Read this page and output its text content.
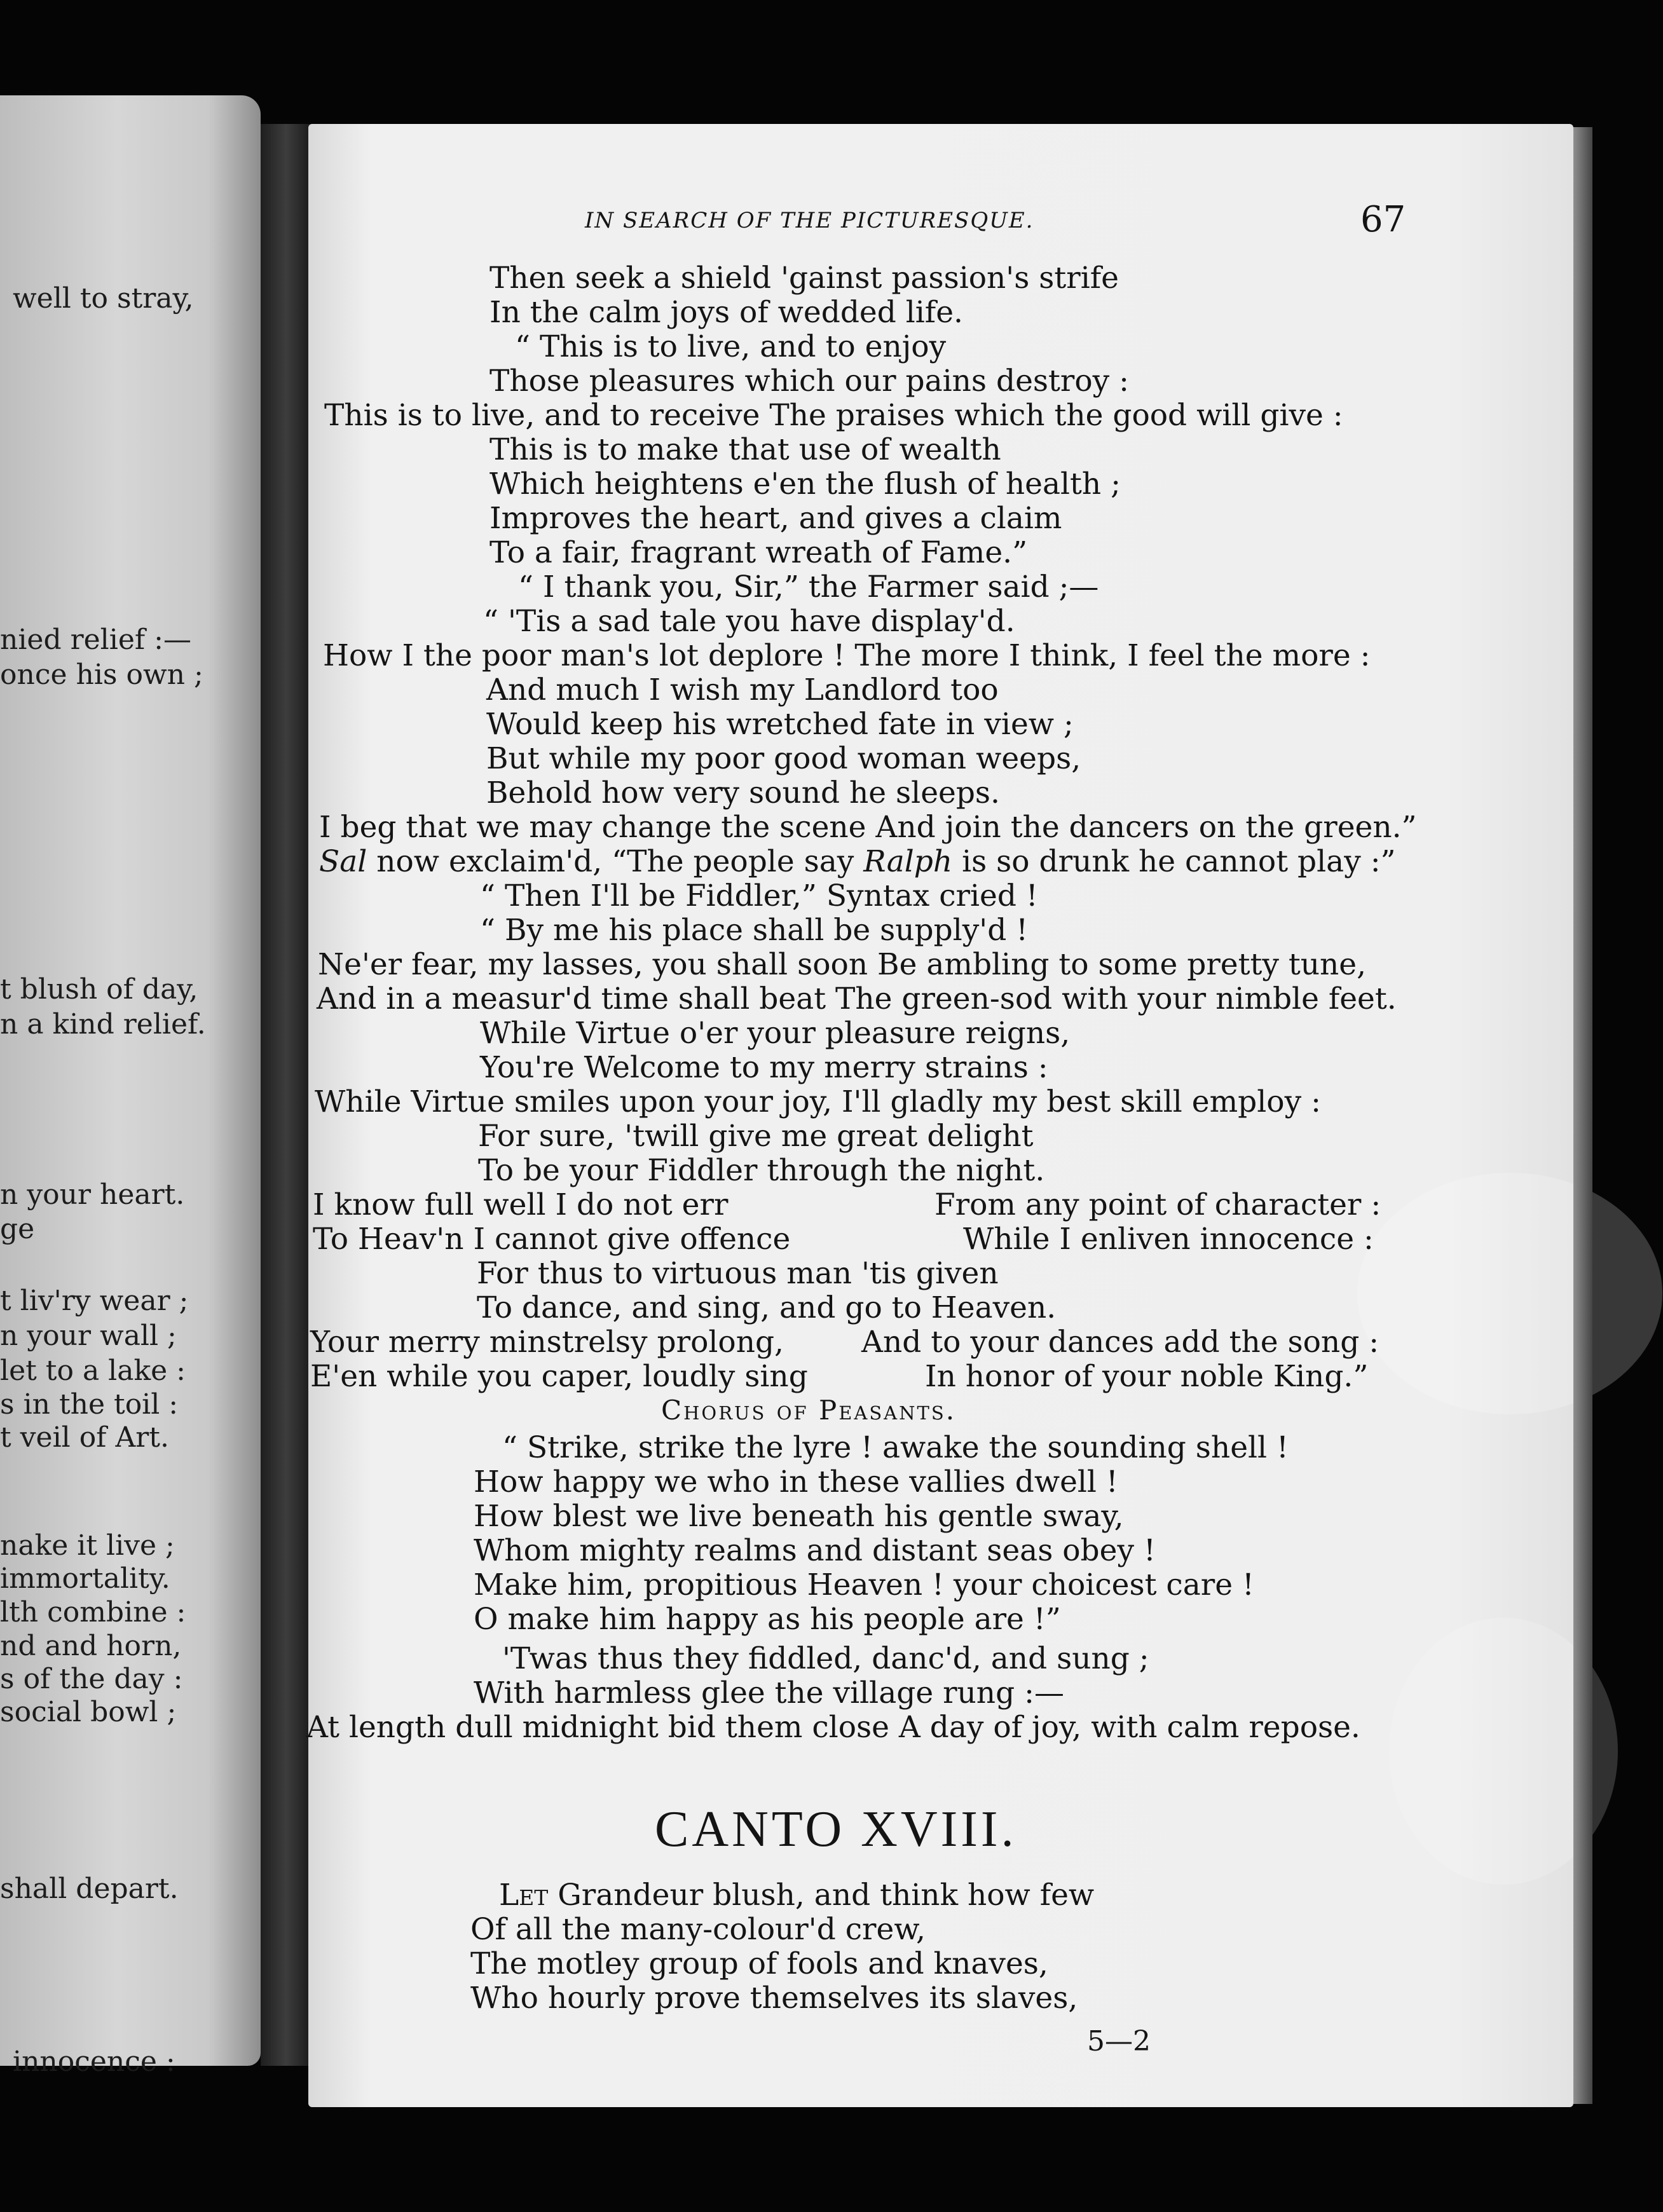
well to stray,
nied relief :—
once his own ;
t blush of day,
n a kind relief.
n your heart.
ge
t liv'ry wear ;
n your wall ;
let to a lake :
s in the toil :
t veil of Art.
nake it live ;
immortality.
lth combine :
nd and horn,
s of the day :
social bowl ;
shall depart.
innocence :
IN SEARCH OF THE PICTURESQUE.	67
Then seek a shield 'gainst passion's strife
In the calm joys of wedded life.
“ This is to live, and to enjoy
Those pleasures which our pains destroy :
This is to live, and to receive The praises which the good will give :
This is to make that use of wealth
Which heightens e'en the flush of health ;
Improves the heart, and gives a claim
To a fair, fragrant wreath of Fame.”
“ I thank you, Sir,” the Farmer said ;—
“ 'Tis a sad tale you have display'd.
How I the poor man's lot deplore ! The more I think, I feel the more :
And much I wish my Landlord too
Would keep his wretched fate in view ;
But while my poor good woman weeps,
Behold how very sound he sleeps.
I beg that we may change the scene And join the dancers on the green.”
Sal now exclaim'd, “The people say Ralph is so drunk he cannot play :”
“ Then I'll be Fiddler,” Syntax cried !
“ By me his place shall be supply'd !
Ne'er fear, my lasses, you shall soon Be ambling to some pretty tune,
And in a measur'd time shall beat The green-sod with your nimble feet.
While Virtue o'er your pleasure reigns,
You're Welcome to my merry strains :
While Virtue smiles upon your joy, I'll gladly my best skill employ :
For sure, 'twill give me great delight
To be your Fiddler through the night.
I know full well I do not err	From any point of character :
To Heav'n I cannot give offence	While I enliven innocence :
For thus to virtuous man 'tis given
To dance, and sing, and go to Heaven.
Your merry minstrelsy prolong,	And to your dances add the song :
E'en while you caper, loudly sing	In honor of your noble King.”
Chorus of Peasants.
“ Strike, strike the lyre ! awake the sounding shell !
How happy we who in these vallies dwell !
How blest we live beneath his gentle sway,
Whom mighty realms and distant seas obey !
Make him, propitious Heaven ! your choicest care !
O make him happy as his people are !”
'Twas thus they fiddled, danc'd, and sung ;
With harmless glee the village rung :—
At length dull midnight bid them close A day of joy, with calm repose.
CANTO XVIII.
Let Grandeur blush, and think how few
Of all the many-colour'd crew,
The motley group of fools and knaves,
Who hourly prove themselves its slaves,
5—2
